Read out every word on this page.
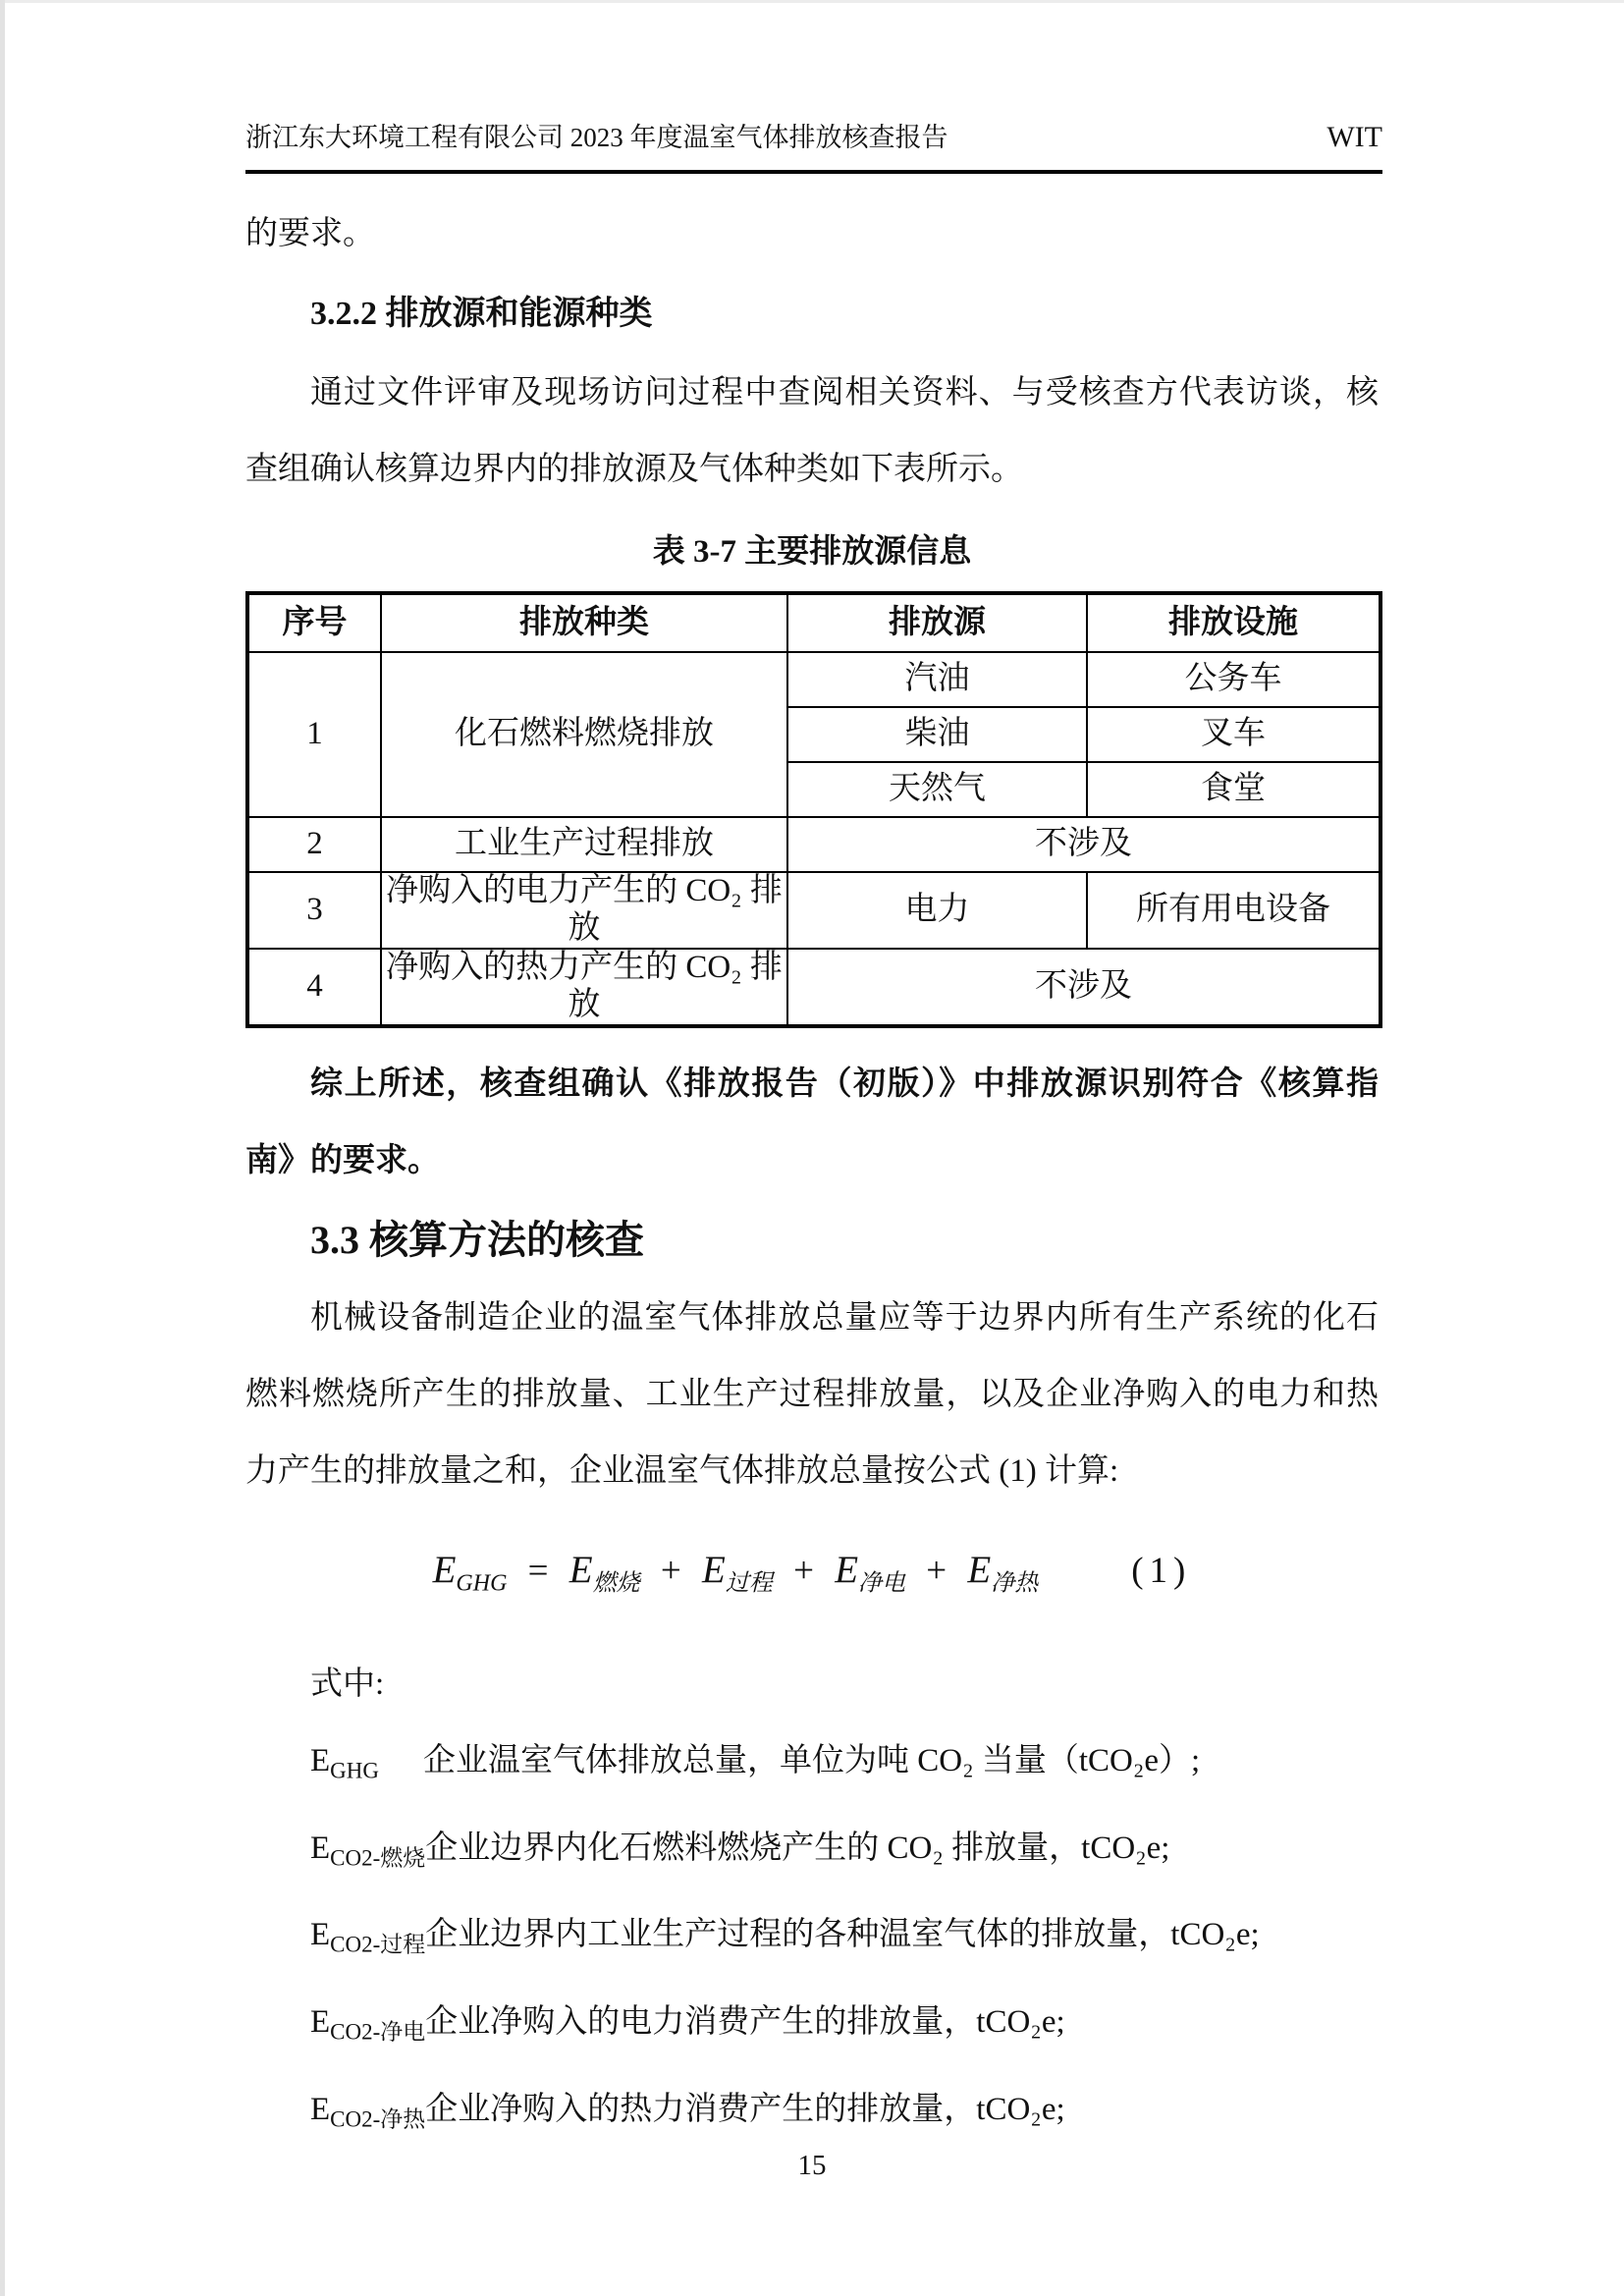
浙江东大环境工程有限公司 2023 年度温室气体排放核查报告	WIT
的要求。
3.2.2 排放源和能源种类
通过文件评审及现场访问过程中查阅相关资料、与受核查方代表访谈，核
查组确认核算边界内的排放源及气体种类如下表所示。
表 3-7 主要排放源信息
序号	排放种类	排放源	排放设施
1	化石燃料燃烧排放	汽油	公务车
		柴油	叉车
		天然气	食堂
2	工业生产过程排放	不涉及	
3	净购入的电力产生的 CO₂ 排放	电力	所有用电设备
4	净购入的热力产生的 CO₂ 排放	不涉及	
综上所述，核查组确认《排放报告（初版）》中排放源识别符合《核算指
南》的要求。
3.3 核算方法的核查
机械设备制造企业的温室气体排放总量应等于边界内所有生产系统的化石
燃料燃烧所产生的排放量、工业生产过程排放量，以及企业净购入的电力和热
力产生的排放量之和，企业温室气体排放总量按公式 (1) 计算:
$E_{GHG} = E_{燃烧} + E_{过程} + E_{净电} + E_{净热}$	(1)
式中:
$E_{GHG}$ 企业温室气体排放总量，单位为吨 CO₂ 当量（tCO₂e）;
$E_{CO2-燃烧}$企业边界内化石燃料燃烧产生的 CO₂ 排放量，tCO₂e;
$E_{CO2-过程}$企业边界内工业生产过程的各种温室气体的排放量，tCO₂e;
$E_{CO2-净电}$企业净购入的电力消费产生的排放量，tCO₂e;
$E_{CO2-净热}$企业净购入的热力消费产生的排放量，tCO₂e;
15
